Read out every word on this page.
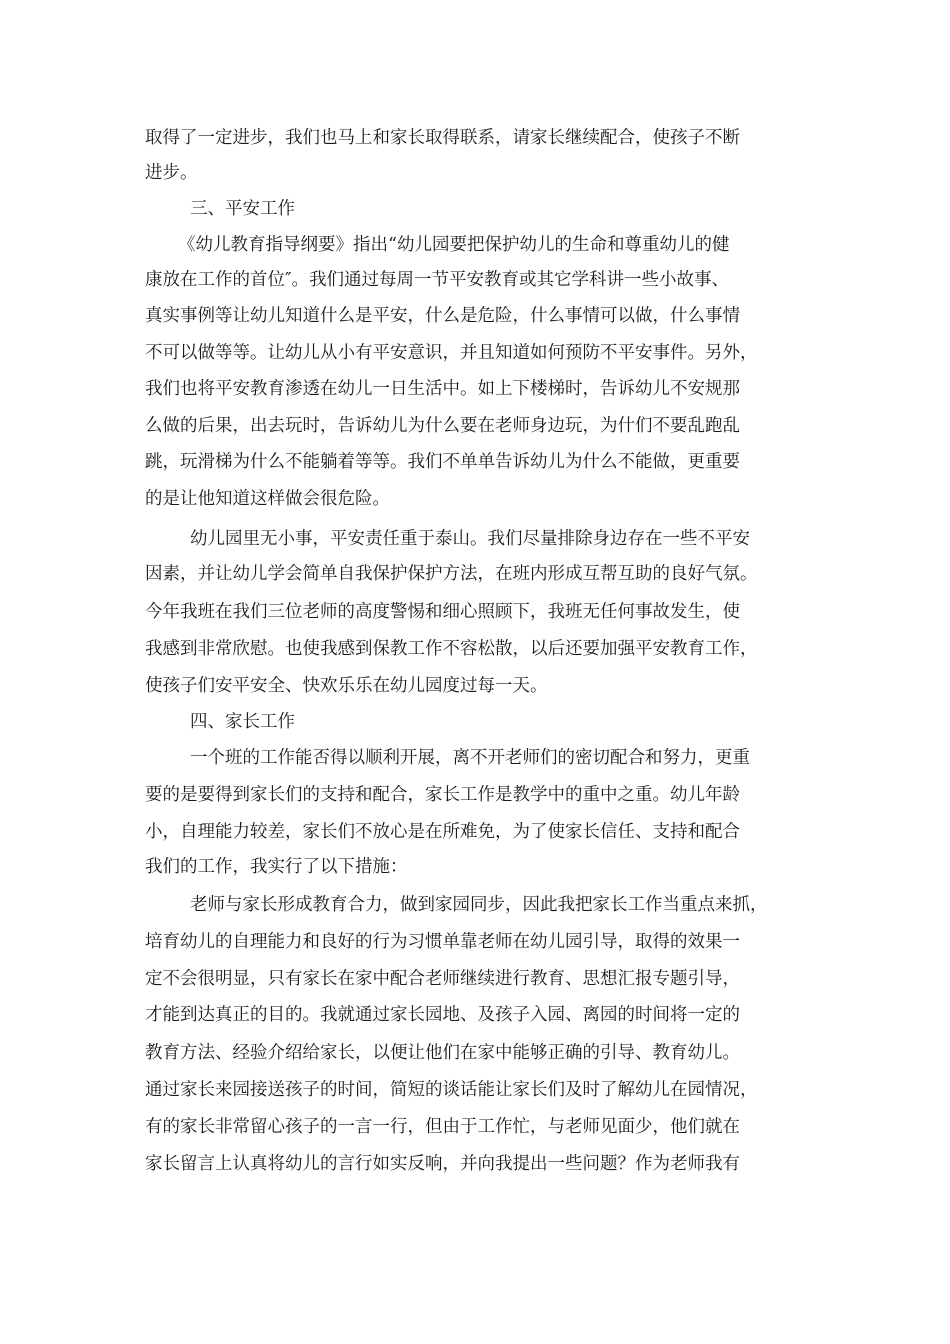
取得了一定进步，我们也马上和家长取得联系，请家长继续配合，使孩子不断
进步。
三、平安工作
《幼儿教育指导纲要》指出“幼儿园要把保护幼儿的生命和尊重幼儿的健
康放在工作的首位″。我们通过每周一节平安教育或其它学科讲一些小故事、
真实事例等让幼儿知道什么是平安，什么是危险，什么事情可以做，什么事情
不可以做等等。让幼儿从小有平安意识，并且知道如何预防不平安事件。另外，
我们也将平安教育渗透在幼儿一日生活中。如上下楼梯时，告诉幼儿不安规那
么做的后果，出去玩时，告诉幼儿为什么要在老师身边玩，为什们不要乱跑乱
跳，玩滑梯为什么不能躺着等等。我们不单单告诉幼儿为什么不能做，更重要
的是让他知道这样做会很危险。
幼儿园里无小事，平安责任重于泰山。我们尽量排除身边存在一些不平安
因素，并让幼儿学会简单自我保护保护方法，在班内形成互帮互助的良好气氛。
今年我班在我们三位老师的高度警惕和细心照顾下，我班无任何事故发生，使
我感到非常欣慰。也使我感到保教工作不容松散，以后还要加强平安教育工作，
使孩子们安平安全、快欢乐乐在幼儿园度过每一天。
四、家长工作
一个班的工作能否得以顺利开展，离不开老师们的密切配合和努力，更重
要的是要得到家长们的支持和配合，家长工作是教学中的重中之重。幼儿年龄
小，自理能力较差，家长们不放心是在所难免，为了使家长信任、支持和配合
我们的工作，我实行了以下措施：
老师与家长形成教育合力，做到家园同步，因此我把家长工作当重点来抓，
培育幼儿的自理能力和良好的行为习惯单靠老师在幼儿园引导，取得的效果一
定不会很明显，只有家长在家中配合老师继续进行教育、思想汇报专题引导，
才能到达真正的目的。我就通过家长园地、及孩子入园、离园的时间将一定的
教育方法、经验介绍给家长，以便让他们在家中能够正确的引导、教育幼儿。
通过家长来园接送孩子的时间，简短的谈话能让家长们及时了解幼儿在园情况，
有的家长非常留心孩子的一言一行，但由于工作忙，与老师见面少，他们就在
家长留言上认真将幼儿的言行如实反响，并向我提出一些问题？作为老师我有
